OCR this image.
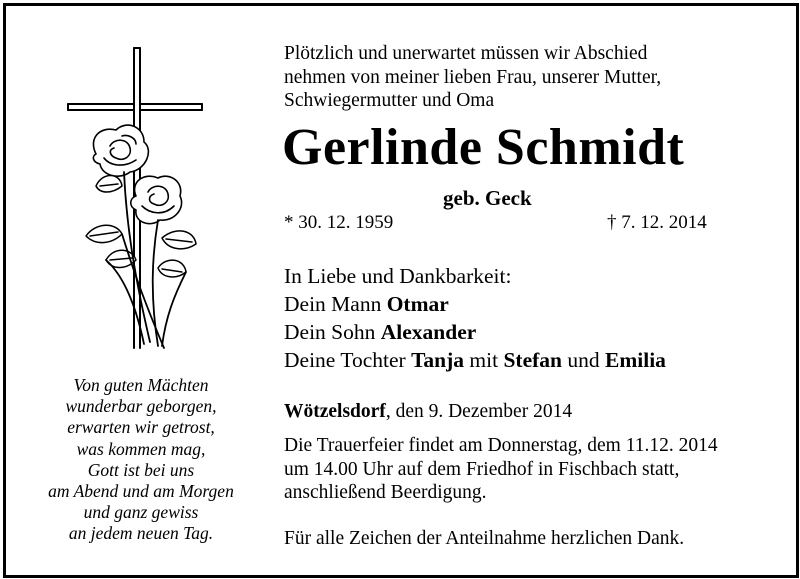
Plötzlich und unerwartet müssen wir Abschied
nehmen von meiner lieben Frau, unserer Mutter,
Schwiegermutter und Oma
Gerlinde Schmidt
geb. Geck
* 30. 12. 1959	† 7. 12. 2014
In Liebe und Dankbarkeit:
Dein Mann Otmar
Dein Sohn Alexander
Deine Tochter Tanja mit Stefan und Emilia
Wötzelsdorf, den 9. Dezember 2014
Die Trauerfeier findet am Donnerstag, dem 11.12. 2014
um 14.00 Uhr auf dem Friedhof in Fischbach statt,
anschließend Beerdigung.
Für alle Zeichen der Anteilnahme herzlichen Dank.
Von guten Mächten
wunderbar geborgen,
erwarten wir getrost,
was kommen mag,
Gott ist bei uns
am Abend und am Morgen
und ganz gewiss
an jedem neuen Tag.
